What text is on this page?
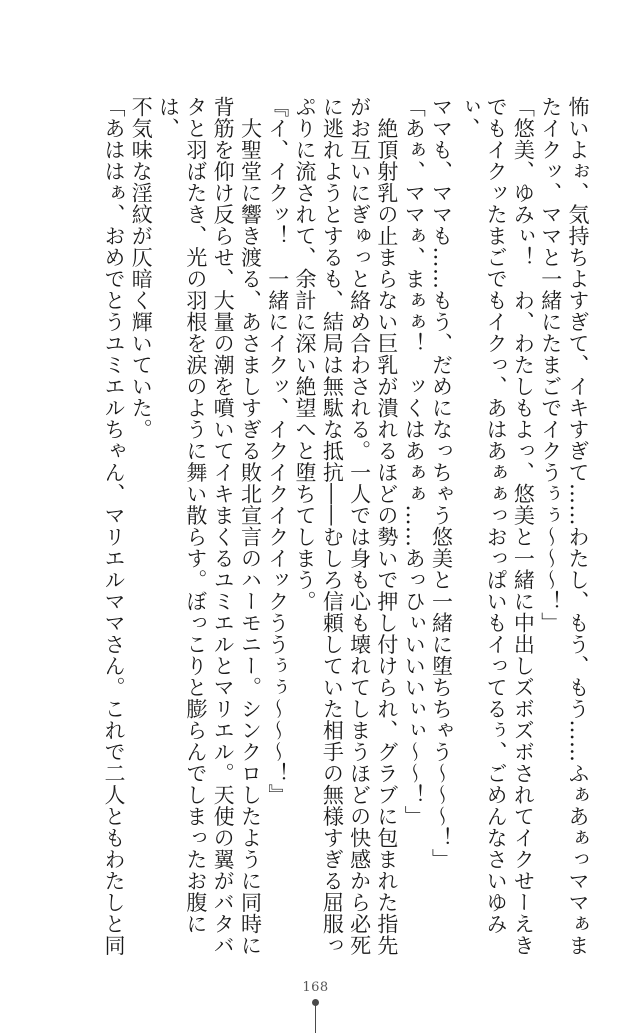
怖いよぉ、気持ちよすぎて、イキすぎて……わたし、もう、もう……ふぁあぁっママぁま
たイクッ、ママと一緒にたまごでイクうぅぅ～～～！」
「悠美、ゆみぃ！　わ、わたしもよっ、悠美と一緒に中出しズボズボされてイクせーえき
でもイクッたまごでもイクっ、あはあぁぁっおっぱいもイってるぅ、ごめんなさいゆみぃ、
ママも、ママも……もう、だめになっちゃう悠美と一緒に堕ちちゃう～～～！」
「あぁ、ママぁ、まぁぁ！　ッくはあぁぁ……あっひぃいいいぃぃ～～！」
　絶頂射乳の止まらない巨乳が潰れるほどの勢いで押し付けられ、グラブに包まれた指先
がお互いにぎゅっと絡め合わされる。一人では身も心も壊れてしまうほどの快感から必死
に逃れようとするも、結局は無駄な抵抗――むしろ信頼していた相手の無様すぎる屈服っ
ぷりに流されて、余計に深い絶望へと堕ちてしまう。
『イ、イクッ！　一緒にイクッ、イクイクイクイックううぅぅ～～～！』
　大聖堂に響き渡る、あさましすぎる敗北宣言のハーモニー。シンクロしたように同時に
背筋を仰け反らせ、大量の潮を噴いてイキまくるユミエルとマリエル。天使の翼がバタバ
タと羽ばたき、光の羽根を涙のように舞い散らす。ぼっこりと膨らんでしまったお腹には、
不気味な淫紋が仄暗く輝いていた。
「あははぁ、おめでとうユミエルちゃん、マリエルママさん。これで二人ともわたしと同
168
